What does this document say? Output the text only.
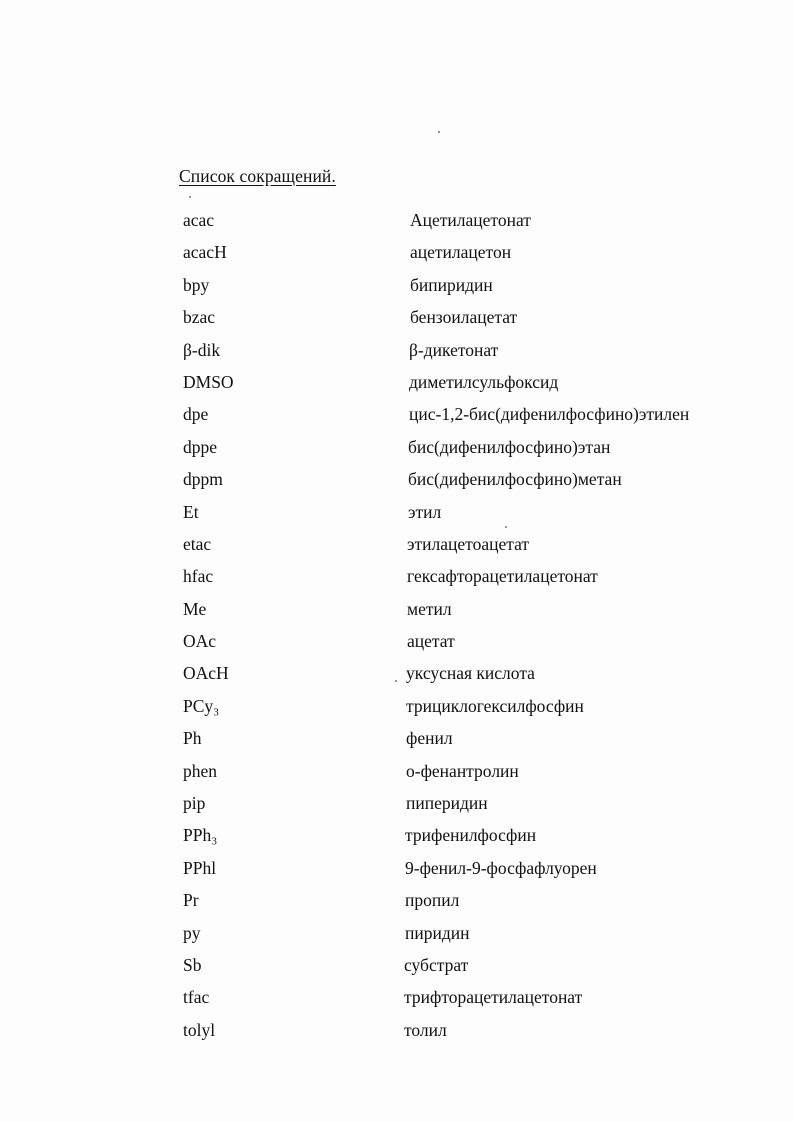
Список сокращений.
acac	Ацетилацетонат
acacH	ацетилацетон
bpy	бипиридин
bzac	бензоилацетат
β-dik	β-дикетонат
DMSO	диметилсульфоксид
dpe	цис-1,2-бис(дифенилфосфино)этилен
dppe	бис(дифенилфосфино)этан
dppm	бис(дифенилфосфино)метан
Et	этил
etac	этилацетоацетат
hfac	гексафторацетилацетонат
Me	метил
OAc	ацетат
OAcH	уксусная кислота
PCy₃	трициклогексилфосфин
Ph	фенил
phen	о-фенантролин
pip	пиперидин
PPh₃	трифенилфосфин
PPhl	9-фенил-9-фосфафлуорен
Pr	пропил
py	пиридин
Sb	субстрат
tfac	трифторацетилацетонат
tolyl	толил
